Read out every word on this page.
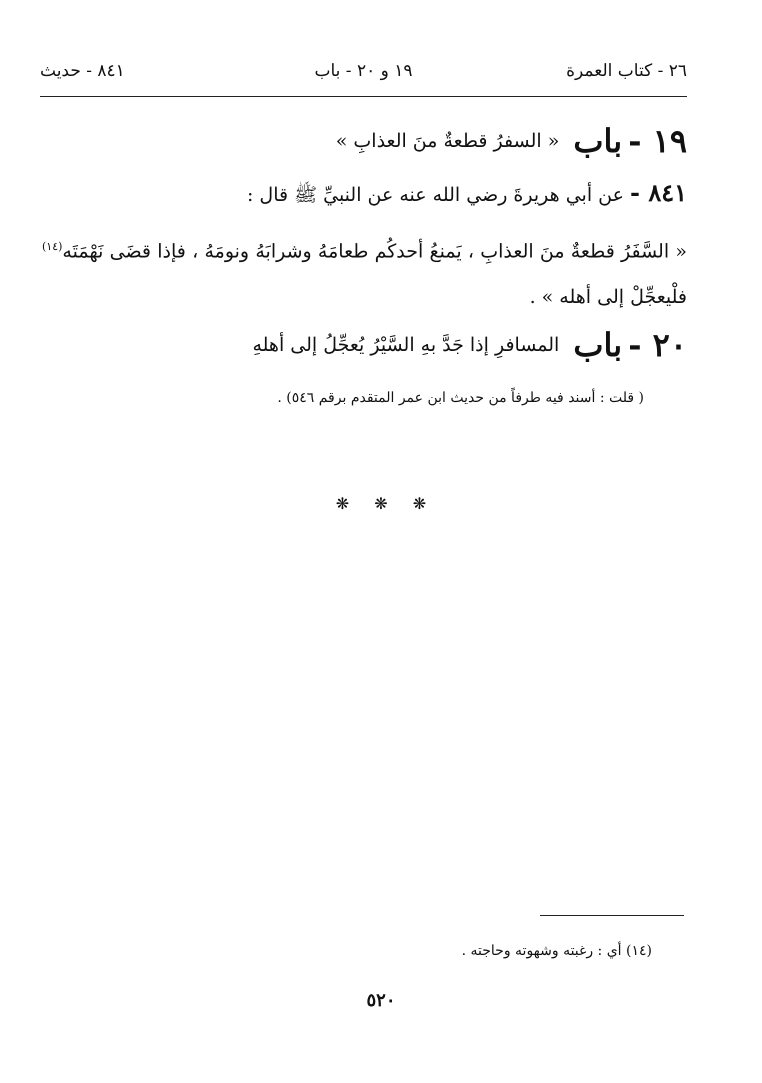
٢٦ - كتاب العمرة
١٩ و ٢٠ - باب
٨٤١ - حديث
١٩ - باب « السفرُ قطعةٌ منَ العذابِ »
٨٤١ - عن أبي هريرةَ رضي الله عنه عن النبيِّ ﷺ قال :
« السَّفَرُ قطعةٌ منَ العذابِ ، يَمنعُ أحدكُم طعامَهُ وشرابَهُ ونومَهُ ، فإذا قضَى نَهْمَتَه$^{(١٤)}$ فلْيعجِّلْ إلى أهله » .
٢٠ - باب المسافرِ إذا جَدَّ بهِ السَّيْرُ يُعجِّلُ إلى أهلهِ
( قلت : أسند فيه طرفاً من حديث ابن عمر المتقدم برقم ٥٤٦) .
❋ ❋ ❋
(١٤) أي : رغبته وشهوته وحاجته .
٥٢٠
